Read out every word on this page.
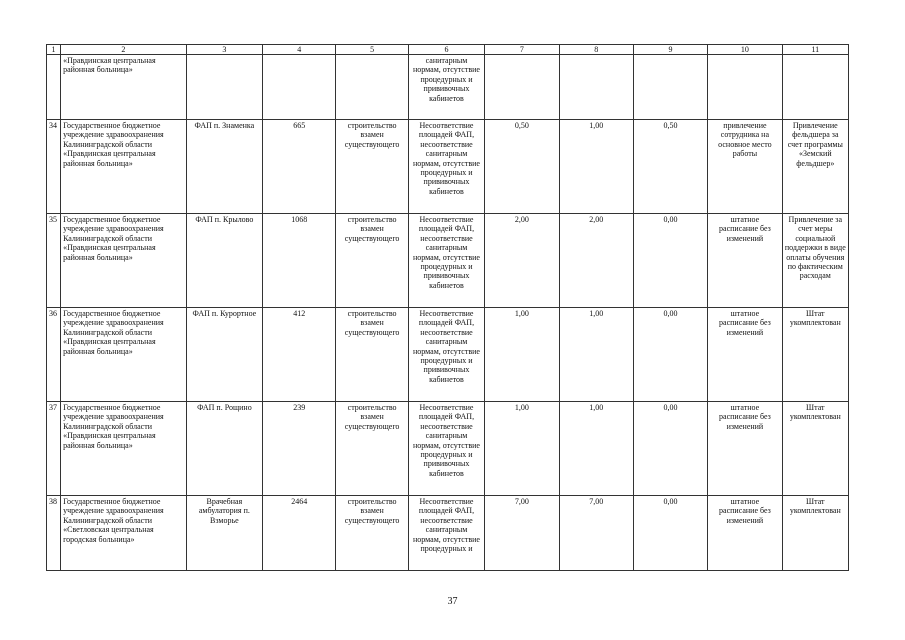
1	2	3	4	5	6	7	8	9	10	11
	«Правдинская центральная районная больница»				санитарным нормам, отсутствие процедурных и прививочных кабинетов					
34	Государственное бюджетное учреждение здравоохранения Калининградской области «Правдинская центральная районная больница»	ФАП п. Знаменка	665	строительство взамен существующего	Несоответствие площадей ФАП, несоответствие санитарным нормам, отсутствие процедурных и прививочных кабинетов	0,50	1,00	0,50	привлечение сотрудника на основное место работы	Привлечение фельдшера за счет программы «Земский фельдшер»
35	Государственное бюджетное учреждение здравоохранения Калининградской области «Правдинская центральная районная больница»	ФАП п. Крылово	1068	строительство взамен существующего	Несоответствие площадей ФАП, несоответствие санитарным нормам, отсутствие процедурных и прививочных кабинетов	2,00	2,00	0,00	штатное расписание без изменений	Привлечение за счет меры социальной поддержки в виде оплаты обучения по фактическим расходам
36	Государственное бюджетное учреждение здравоохранения Калининградской области «Правдинская центральная районная больница»	ФАП п. Курортное	412	строительство взамен существующего	Несоответствие площадей ФАП, несоответствие санитарным нормам, отсутствие процедурных и прививочных кабинетов	1,00	1,00	0,00	штатное расписание без изменений	Штат укомплектован
37	Государственное бюджетное учреждение здравоохранения Калининградской области «Правдинская центральная районная больница»	ФАП п. Рощино	239	строительство взамен существующего	Несоответствие площадей ФАП, несоответствие санитарным нормам, отсутствие процедурных и прививочных кабинетов	1,00	1,00	0,00	штатное расписание без изменений	Штат укомплектован
38	Государственное бюджетное учреждение здравоохранения Калининградской области «Светловская центральная городская больница»	Врачебная амбулатория п. Взморье	2464	строительство взамен существующего	Несоответствие площадей ФАП, несоответствие санитарным нормам, отсутствие процедурных и	7,00	7,00	0,00	штатное расписание без изменений	Штат укомплектован
37
